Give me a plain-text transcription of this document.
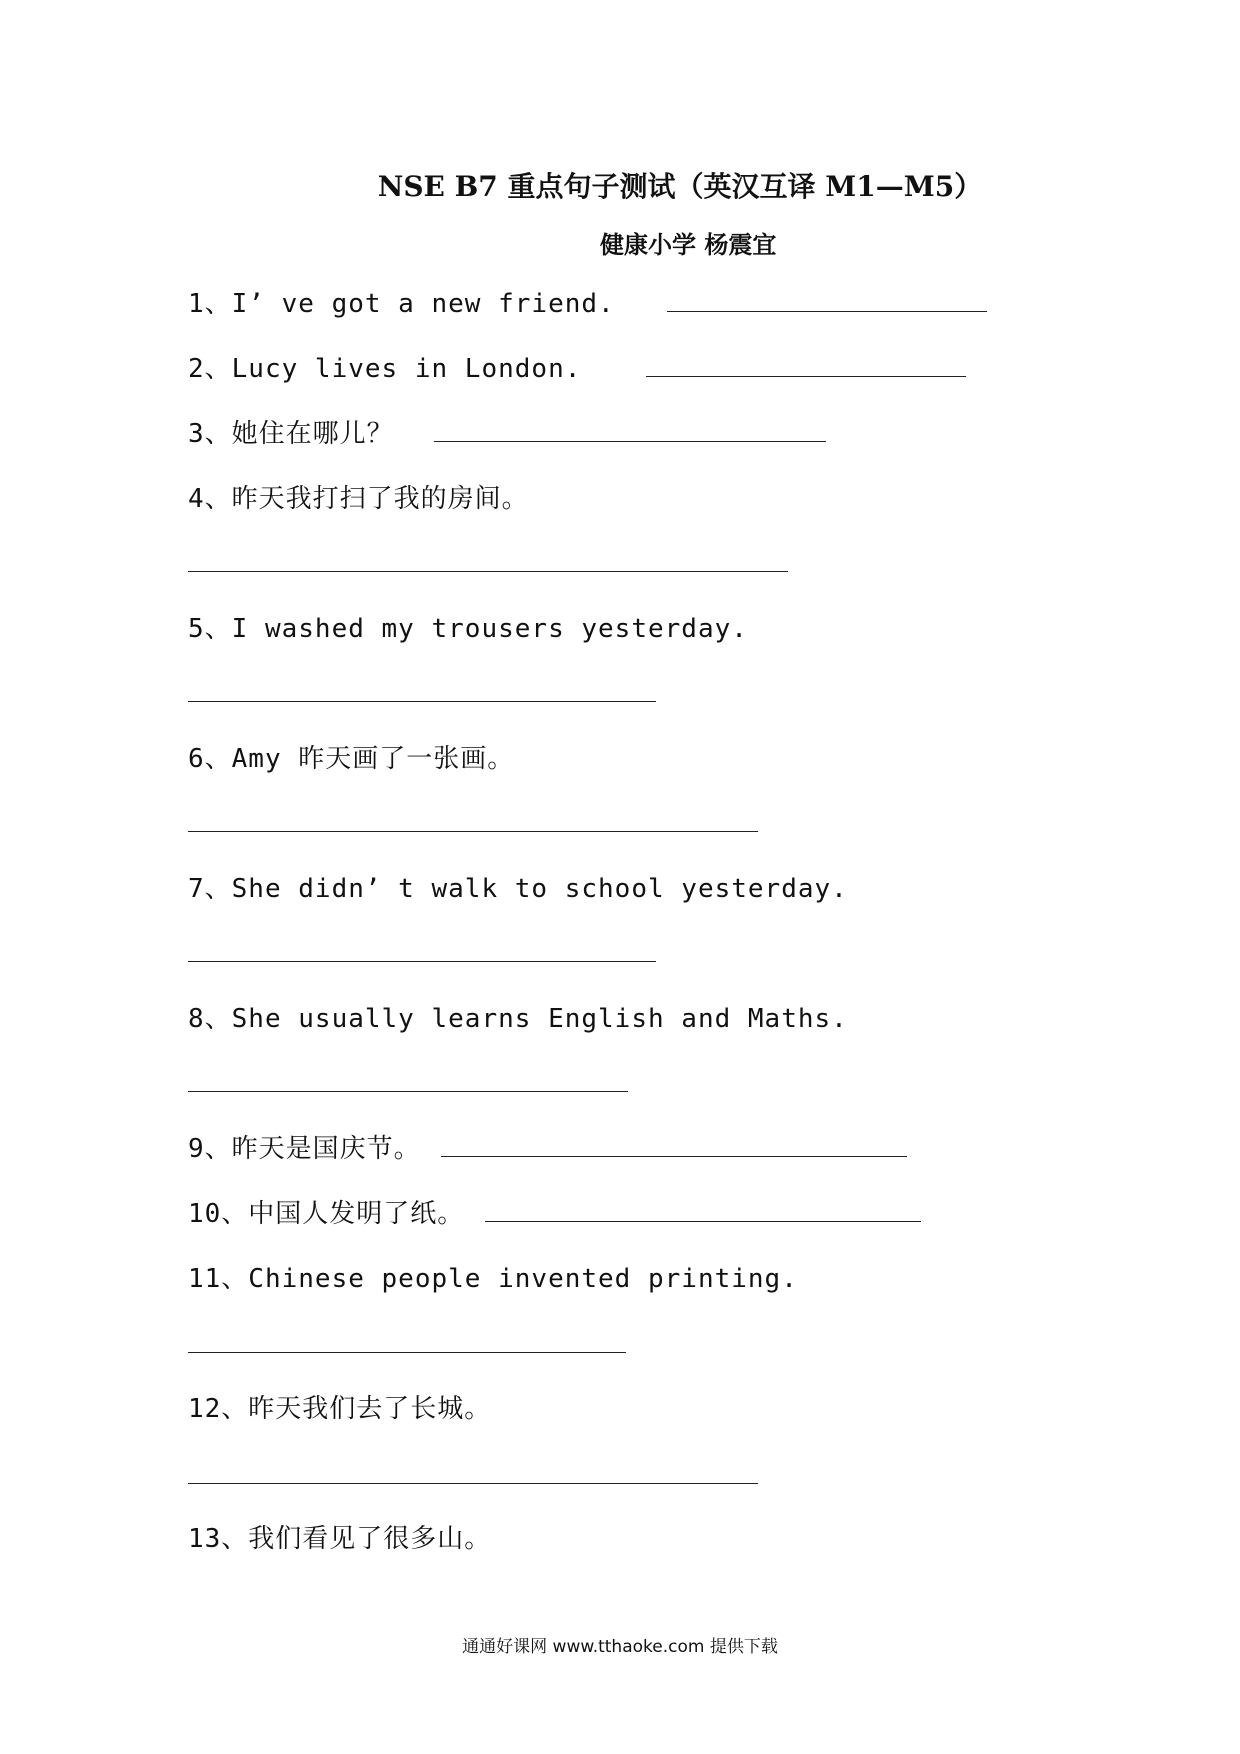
NSE B7 重点句子测试（英汉互译 M1—M5）
健康小学 杨震宜
1、I’ ve got a new friend.
2、Lucy lives in London.
3、她住在哪儿？
4、昨天我打扫了我的房间。
5、I washed my trousers yesterday.
6、Amy 昨天画了一张画。
7、She didn’ t walk to school yesterday.
8、She usually learns English and Maths.
9、昨天是国庆节。
10、中国人发明了纸。
11、Chinese people invented printing.
12、昨天我们去了长城。
13、我们看见了很多山。
通通好课网 www.tthaoke.com 提供下载
